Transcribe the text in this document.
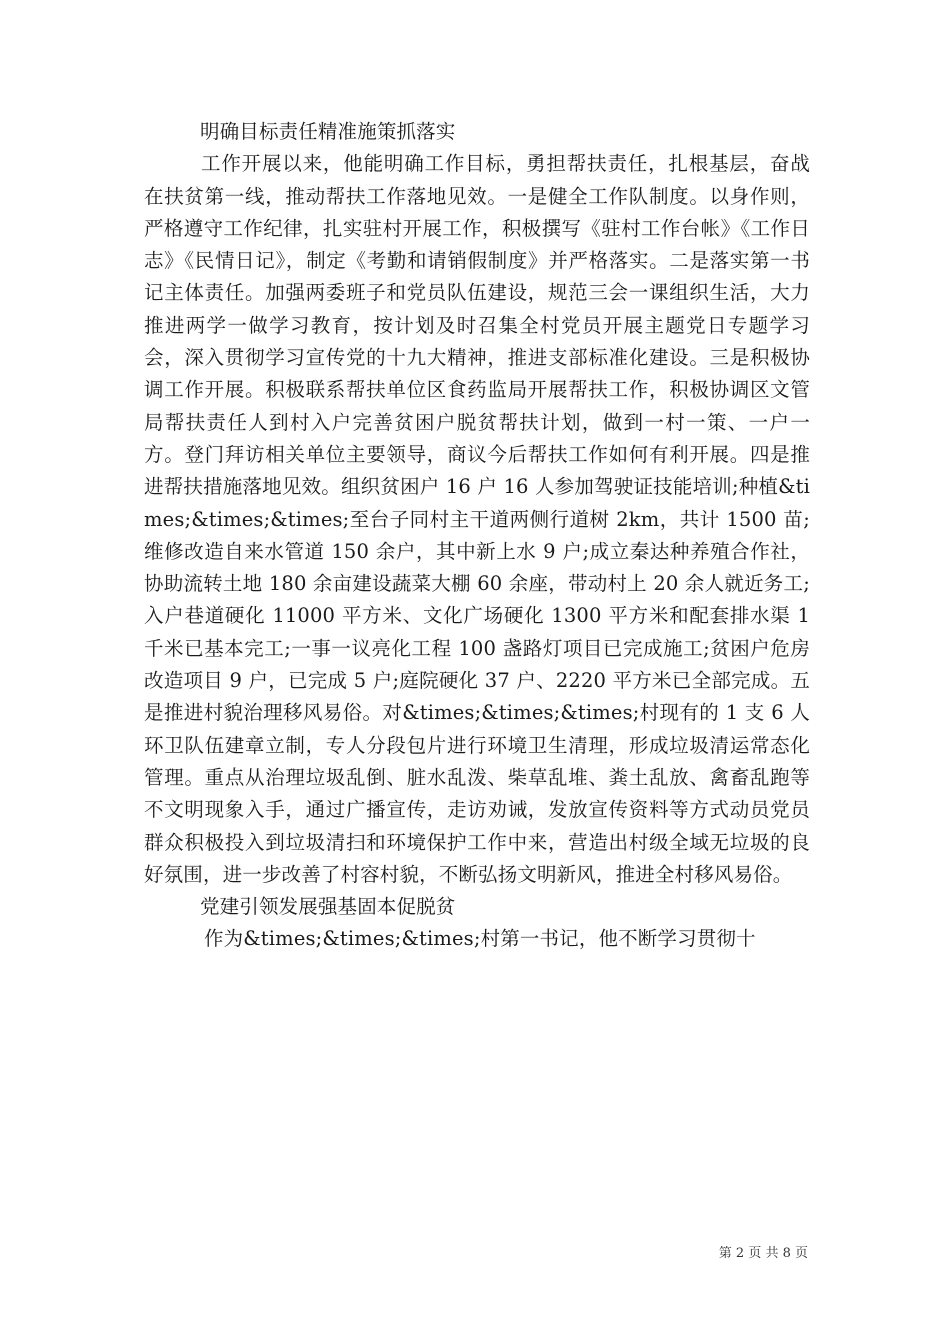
明确目标责任精准施策抓落实

工作开展以来，他能明确工作目标，勇担帮扶责任，扎根基层，奋战在扶贫第一线，推动帮扶工作落地见效。一是健全工作队制度。以身作则，严格遵守工作纪律，扎实驻村开展工作，积极撰写《驻村工作台帐》《工作日志》《民情日记》，制定《考勤和请销假制度》并严格落实。二是落实第一书记主体责任。加强两委班子和党员队伍建设，规范三会一课组织生活，大力推进两学一做学习教育，按计划及时召集全村党员开展主题党日专题学习会，深入贯彻学习宣传党的十九大精神，推进支部标准化建设。三是积极协调工作开展。积极联系帮扶单位区食药监局开展帮扶工作，积极协调区文管局帮扶责任人到村入户完善贫困户脱贫帮扶计划，做到一村一策、一户一方。登门拜访相关单位主要领导，商议今后帮扶工作如何有利开展。四是推进帮扶措施落地见效。组织贫困户 16 户 16 人参加驾驶证技能培训;种植&times;&times;&times;至台子同村主干道两侧行道树 2km，共计 1500 苗;维修改造自来水管道 150 余户，其中新上水 9 户;成立秦达种养殖合作社，协助流转土地 180 余亩建设蔬菜大棚 60 余座，带动村上 20 余人就近务工;入户巷道硬化 11000 平方米、文化广场硬化 1300 平方米和配套排水渠 1 千米已基本完工;一事一议亮化工程 100 盏路灯项目已完成施工;贫困户危房改造项目 9 户，已完成 5 户;庭院硬化 37 户、2220 平方米已全部完成。五是推进村貌治理移风易俗。对&times;&times;&times;村现有的 1 支 6 人环卫队伍建章立制，专人分段包片进行环境卫生清理，形成垃圾清运常态化管理。重点从治理垃圾乱倒、脏水乱泼、柴草乱堆、粪土乱放、禽畜乱跑等不文明现象入手，通过广播宣传，走访劝诫，发放宣传资料等方式动员党员群众积极投入到垃圾清扫和环境保护工作中来，营造出村级全域无垃圾的良好氛围，进一步改善了村容村貌，不断弘扬文明新风，推进全村移风易俗。

党建引领发展强基固本促脱贫

作为&times;&times;&times;村第一书记，他不断学习贯彻十

第 2 页 共 8 页
